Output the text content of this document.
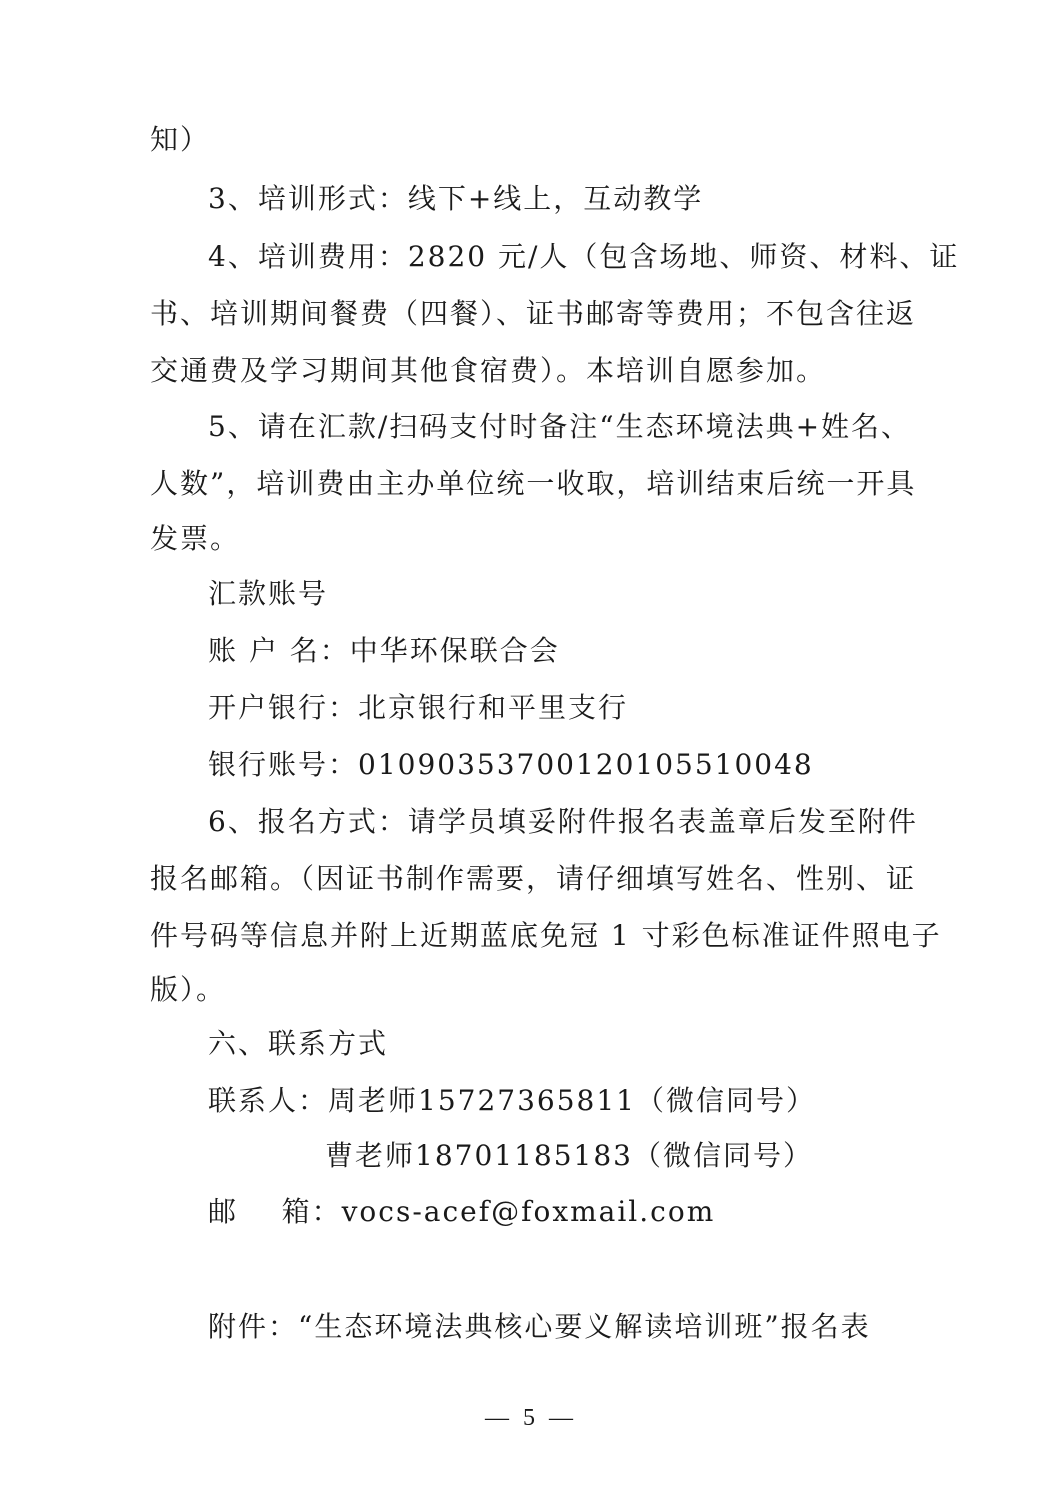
知）
3、培训形式：线下+线上，互动教学
4、培训费用：2820 元/人（包含场地、师资、材料、证
书、培训期间餐费（四餐）、证书邮寄等费用；不包含往返
交通费及学习期间其他食宿费）。本培训自愿参加。
5、请在汇款/扫码支付时备注“生态环境法典+姓名、
人数”，培训费由主办单位统一收取，培训结束后统一开具
发票。
汇款账号
账 户 名：中华环保联合会
开户银行：北京银行和平里支行
银行账号：0109035370012010551004​8
6、报名方式：请学员填妥附件报名表盖章后发至附件
报名邮箱。（因证书制作需要，请仔细填写姓名、性别、证
件号码等信息并附上近期蓝底免冠 1 寸彩色标准证件照电子
版）。
六、联系方式
联系人：周老师15727365811（微信同号）
曹老师18701185183（微信同号）
邮    箱：vocs-acef@foxmail.com
附件：“生态环境法典核心要义解读培训班”报名表
— 5 —
